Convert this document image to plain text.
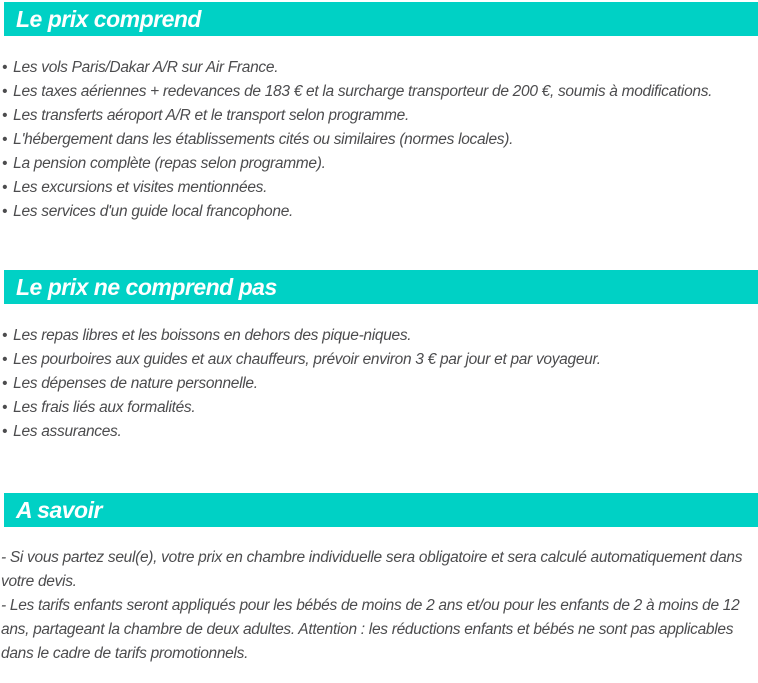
Le prix comprend
• Les vols Paris/Dakar A/R sur Air France.
• Les taxes aériennes + redevances de 183 € et la surcharge transporteur de 200 €, soumis à modifications.
• Les transferts aéroport A/R et le transport selon programme.
• L'hébergement dans les établissements cités ou similaires (normes locales).
• La pension complète (repas selon programme).
• Les excursions et visites mentionnées.
• Les services d'un guide local francophone.
Le prix ne comprend pas
• Les repas libres et les boissons en dehors des pique-niques.
• Les pourboires aux guides et aux chauffeurs, prévoir environ 3 € par jour et par voyageur.
• Les dépenses de nature personnelle.
• Les frais liés aux formalités.
• Les assurances.
A savoir
- Si vous partez seul(e), votre prix en chambre individuelle sera obligatoire et sera calculé automatiquement dans votre devis.
- Les tarifs enfants seront appliqués pour les bébés de moins de 2 ans et/ou pour les enfants de 2 à moins de 12 ans, partageant la chambre de deux adultes. Attention : les réductions enfants et bébés ne sont pas applicables dans le cadre de tarifs promotionnels.
